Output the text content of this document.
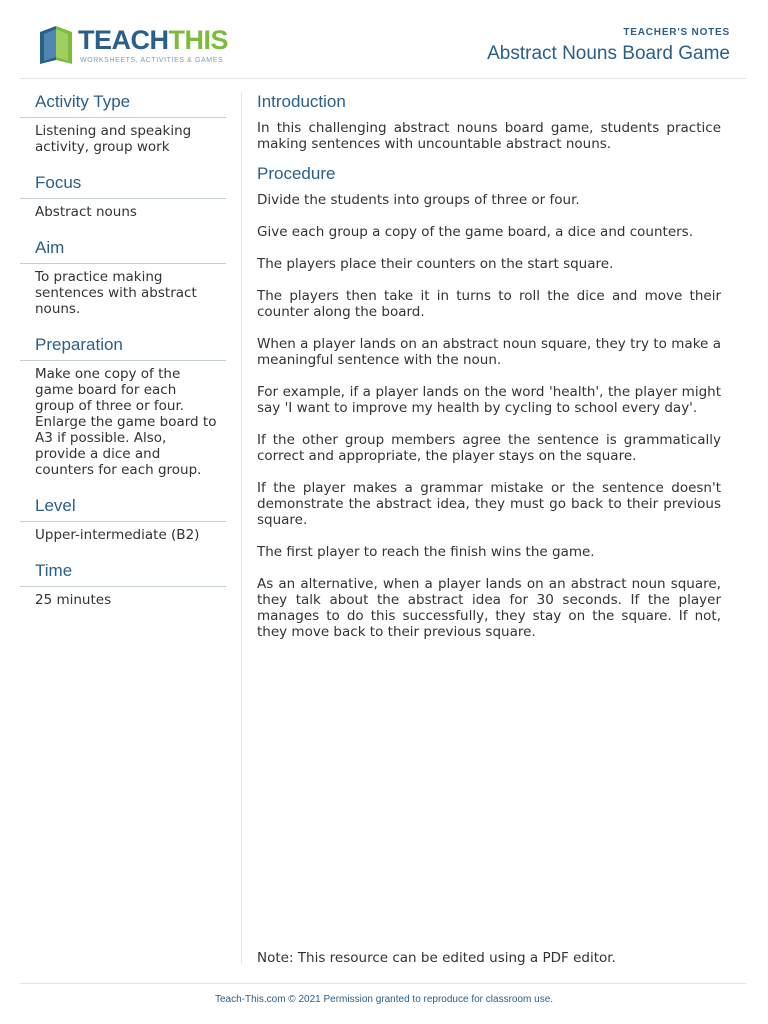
TEACHTHIS
WORKSHEETS, ACTIVITIES & GAMES
TEACHER'S NOTES
Abstract Nouns Board Game
Activity Type
Listening and speaking activity, group work
Focus
Abstract nouns
Aim
To practice making sentences with abstract nouns.
Preparation
Make one copy of the game board for each group of three or four. Enlarge the game board to A3 if possible. Also, provide a dice and counters for each group.
Level
Upper-intermediate (B2)
Time
25 minutes
Introduction

In this challenging abstract nouns board game, students practice making sentences with uncountable abstract nouns.

Procedure

Divide the students into groups of three or four.

Give each group a copy of the game board, a dice and counters.

The players place their counters on the start square.

The players then take it in turns to roll the dice and move their counter along the board.

When a player lands on an abstract noun square, they try to make a meaningful sentence with the noun.

For example, if a player lands on the word 'health', the player might say 'I want to improve my health by cycling to school every day'.

If the other group members agree the sentence is grammatically correct and appropriate, the player stays on the square.

If the player makes a grammar mistake or the sentence doesn't demonstrate the abstract idea, they must go back to their previous square.

The first player to reach the finish wins the game.

As an alternative, when a player lands on an abstract noun square, they talk about the abstract idea for 30 seconds. If the player manages to do this successfully, they stay on the square. If not, they move back to their previous square.

Note: This resource can be edited using a PDF editor.
Teach-This.com © 2021 Permission granted to reproduce for classroom use.
